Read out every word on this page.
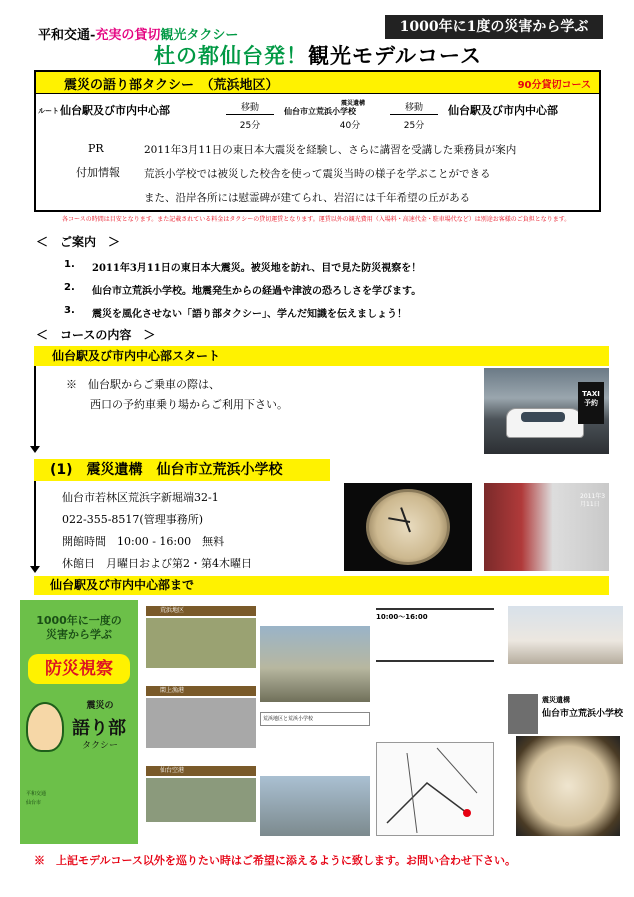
平和交通-充実の貸切観光タクシー
1000年に1度の災害から学ぶ
杜の都仙台発！観光モデルコース
震災の語り部タクシー　（荒浜地区）	90分貸切コース
ルート 仙台駅及び市内中心部	移動
25分
震災遺構
仙台市立荒浜小学校
40分
移動
25分
仙台駅及び市内中心部
PR
付加情報
2011年3月11日の東日本大震災を経験し、さらに講習を受講した乗務員が案内
荒浜小学校では被災した校舎を使って震災当時の様子を学ぶことができる
また、沿岸各所には慰霊碑が建てられ、岩沼には千年希望の丘がある
各コースの時間は目安となります。また記載されている料金はタクシーの貸切運賃となります。運賃以外の観光費用（入場料・高速代金・駐車場代など）は別途お客様のご負担となります。
＜　ご案内　＞
1. 2011年3月11日の東日本大震災。被災地を訪れ、目で見た防災視察を！
2. 仙台市立荒浜小学校。地震発生からの経過や津波の恐ろしさを学びます。
3. 震災を風化させない「語り部タクシー」、学んだ知識を伝えましょう！
＜　コースの内容　＞
仙台駅及び市内中心部スタート
※　仙台駅からご乗車の際は、
西口の予約車乗り場からご利用下さい。
TAXI
予約
(1)　震災遺構　仙台市立荒浜小学校
仙台市若林区荒浜字新堀端32-1
022-355-8517(管理事務所)
開館時間　10:00 - 16:00　無料
休館日　月曜日および第2・第4木曜日
2011年3月11日
仙台駅及び市内中心部まで
1000年に一度の
災害から学ぶ
防災視察
震災の
語り部
タクシー
平和交通
仙台市
荒浜地区
閖上漁港
仙台空港
荒浜地区と荒浜小学校
10:00〜16:00
震災遺構
仙台市立荒浜小学校
※　上記モデルコース以外を巡りたい時はご希望に添えるように致します。お問い合わせ下さい。
